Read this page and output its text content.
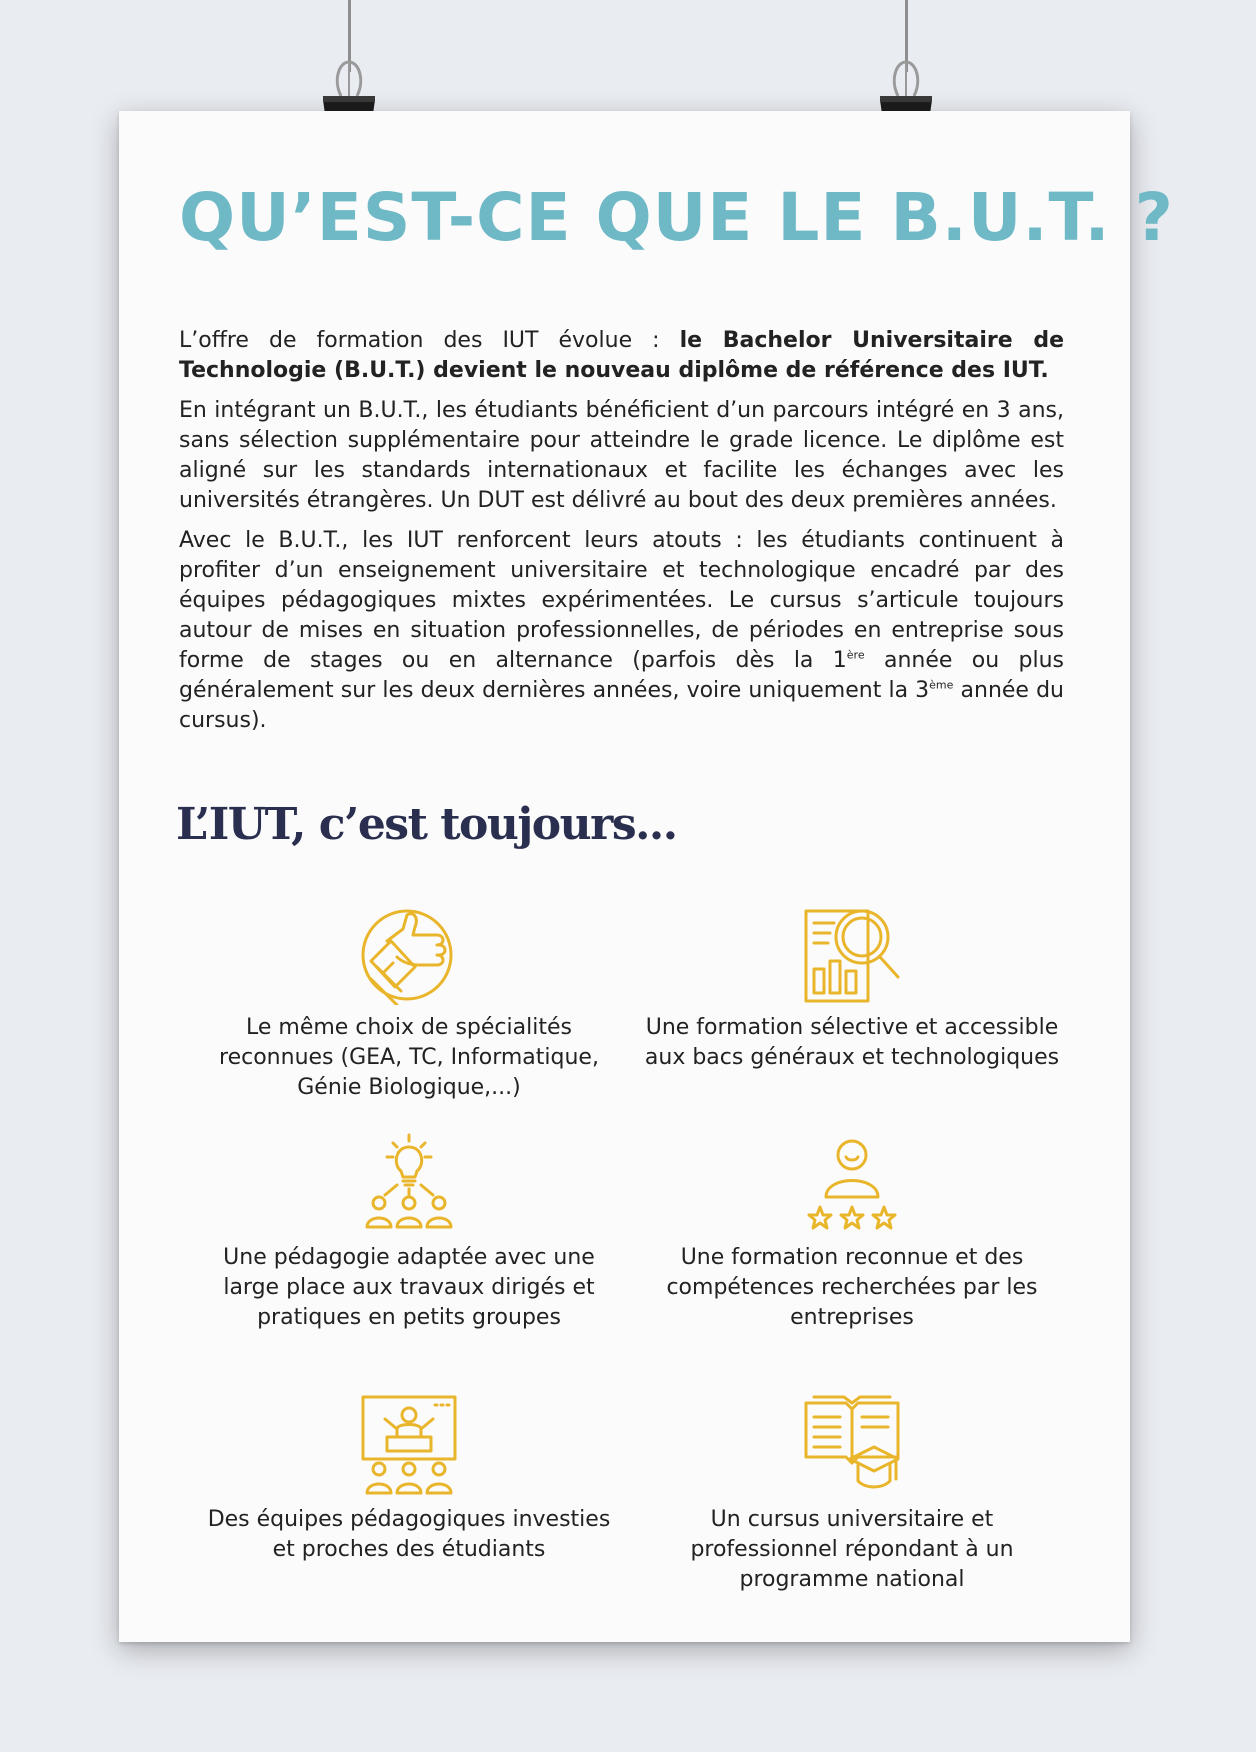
QU’EST-CE QUE LE B.U.T. ?

L’offre de formation des IUT évolue : le Bachelor Universitaire de Technologie (B.U.T.) devient le nouveau diplôme de référence des IUT.

En intégrant un B.U.T., les étudiants bénéficient d’un parcours intégré en 3 ans, sans sélection supplémentaire pour atteindre le grade licence. Le diplôme est aligné sur les standards internationaux et facilite les échanges avec les universités étrangères. Un DUT est délivré au bout des deux premières années.

Avec le B.U.T., les IUT renforcent leurs atouts : les étudiants continuent à profiter d’un enseignement universitaire et technologique encadré par des équipes pédagogiques mixtes expérimentées. Le cursus s’articule toujours autour de mises en situation professionnelles, de périodes en entreprise sous forme de stages ou en alternance (parfois dès la 1ère année ou plus généralement sur les deux dernières années, voire uniquement la 3ème année du cursus).

L’IUT, c’est toujours...
Le même choix de spécialités reconnues (GEA, TC, Informatique, Génie Biologique,...)
Une formation sélective et accessible aux bacs généraux et technologiques
Une pédagogie adaptée avec une large place aux travaux dirigés et pratiques en petits groupes
Une formation reconnue et des compétences recherchées par les entreprises
Des équipes pédagogiques investies et proches des étudiants
Un cursus universitaire et professionnel répondant à un programme national
